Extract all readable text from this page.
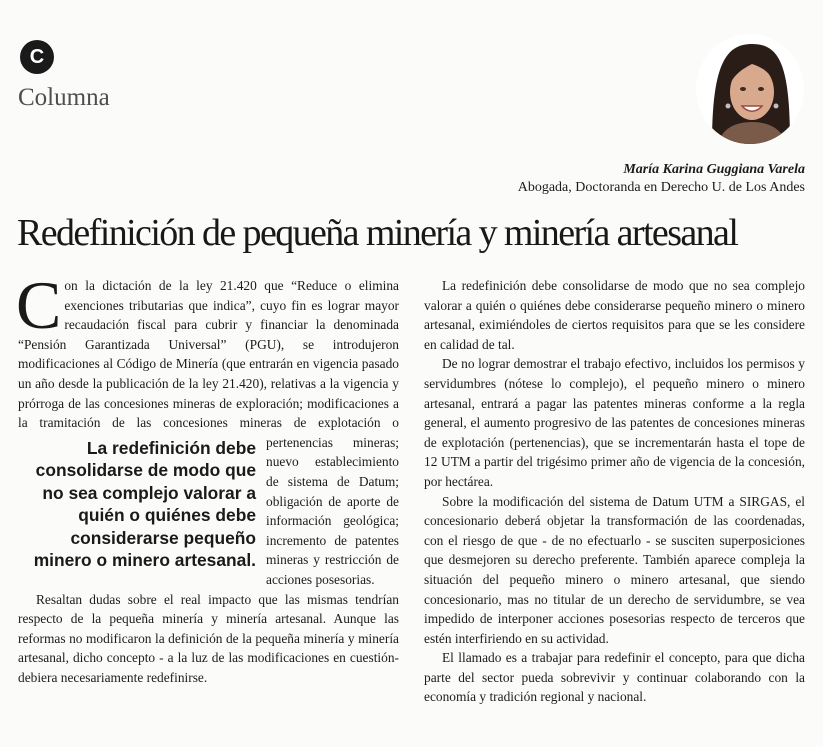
C
Columna
María Karina Guggiana Varela
Abogada, Doctoranda en Derecho U. de Los Andes
Redefinición de pequeña minería y minería artesanal

C on la dictación de la ley 21.420 que “Reduce o elimina exenciones tributarias que indica”, cuyo fin es lograr mayor recaudación fiscal para cubrir y financiar la denominada “Pensión Garantizada Universal” (PGU), se introdujeron modificaciones al Código de Minería (que entrarán en vigencia pasado un año desde la publicación de la ley 21.420), relativas a la vigencia y prórroga de las concesiones mineras de exploración; modificaciones a la tramitación de las concesiones
La redefinición debe consolidarse de modo que no sea complejo valorar a quién o quiénes debe considerarse pequeño minero o minero artesanal.
mineras de explotación o pertenencias mineras; nuevo establecimiento de sistema de Datum; obligación de aporte de información geológica; incremento de patentes mineras y restricción de acciones posesorias.

Resaltan dudas sobre el real impacto que las mismas tendrían respecto de la pequeña minería y minería artesanal. Aunque las reformas no modificaron la definición de la pequeña minería y minería artesanal, dicho concepto - a la luz de las modificaciones en cuestión- debiera necesariamente redefinirse.

La redefinición debe consolidarse de modo que no sea complejo valorar a quién o quiénes debe considerarse pequeño minero o minero artesanal, eximiéndoles de ciertos requisitos para que se les considere en calidad de tal.

De no lograr demostrar el trabajo efectivo, incluidos los permisos y servidumbres (nótese lo complejo), el pequeño minero o minero artesanal, entrará a pagar las patentes mineras conforme a la regla general, el aumento progresivo de las patentes de concesiones mineras de explotación (pertenencias), que se incrementarán hasta el tope de 12 UTM a partir del trigésimo primer año de vigencia de la concesión, por hectárea.

Sobre la modificación del sistema de Datum UTM a SIRGAS, el concesionario deberá objetar la transformación de las coordenadas, con el riesgo de que - de no efectuarlo - se susciten superposiciones que desmejoren su derecho preferente. También aparece compleja la situación del pequeño minero o minero artesanal, que siendo concesionario, mas no titular de un derecho de servidumbre, se vea impedido de interponer acciones posesorias respecto de terceros que estén interfiriendo en su actividad.

El llamado es a trabajar para redefinir el concepto, para que dicha parte del sector pueda sobrevivir y continuar colaborando con la economía y tradición regional y nacional.
